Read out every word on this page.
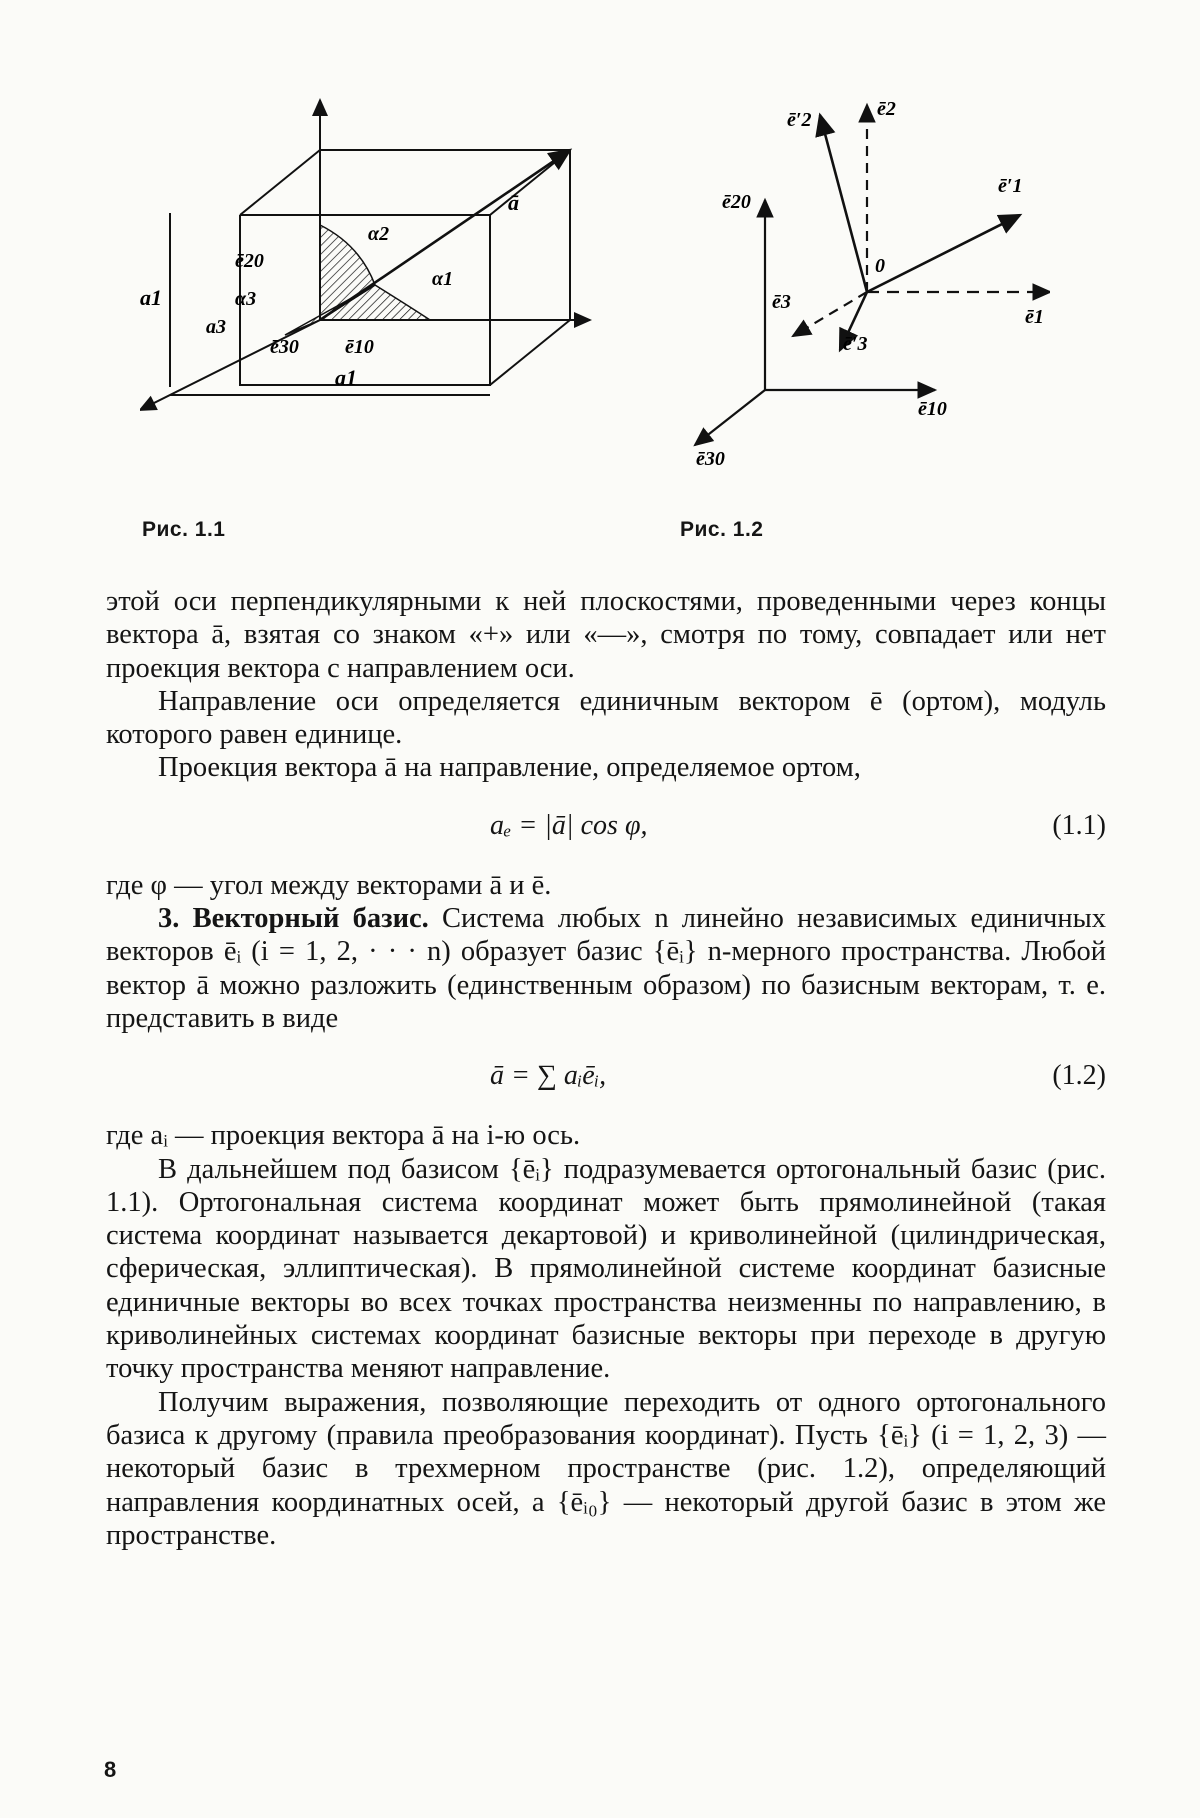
ā
ē20
α2
α1
α3
a3
ē30 ē10
a1
a1
Рис. 1.1
ē′2	ē2
ē′1
ē20
0
ē1
ē3
ē′3
ē10
ē30
Рис. 1.2

этой оси перпендикулярными к ней плоскостями, проведенными через концы вектора ā, взятая со знаком «+» или «—», смотря по тому, совпадает или нет проекция вектора с направлением оси.

Направление оси определяется единичным вектором ē (ортом), модуль которого равен единице.

Проекция вектора ā на направление, определяемое ортом,

aₑ = |ā| cos φ,	(1.1)

где φ — угол между векторами ā и ē.

3. Векторный базис. Система любых n линейно независимых единичных векторов ēᵢ (i = 1, 2, · · · n) образует базис {ēᵢ} n-мерного пространства. Любой вектор ā можно разложить (единственным образом) по базисным векторам, т. е. представить в виде

ā = ∑ aᵢēᵢ,	(1.2)

где aᵢ — проекция вектора ā на i-ю ось.

В дальнейшем под базисом {ēᵢ} подразумевается ортогональный базис (рис. 1.1). Ортогональная система координат может быть прямолинейной (такая система координат называется декартовой) и криволинейной (цилиндрическая, сферическая, эллиптическая). В прямолинейной системе координат базисные единичные векторы во всех точках пространства неизменны по направлению, в криволинейных системах координат базисные векторы при переходе в другую точку пространства меняют направление.

Получим выражения, позволяющие переходить от одного ортогонального базиса к другому (правила преобразования координат). Пусть {ēᵢ} (i = 1, 2, 3) — некоторый базис в трехмерном пространстве (рис. 1.2), определяющий направления координатных осей, а {ēᵢ₀} — некоторый другой базис в этом же пространстве.

8
